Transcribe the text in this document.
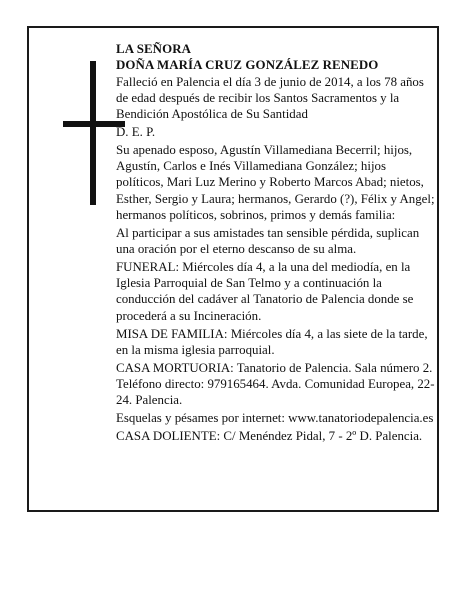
LA SEÑORA
DOÑA MARÍA CRUZ GONZÁLEZ RENEDO

Falleció en Palencia el día 3 de junio de 2014, a los 78 años de edad después de recibir los Santos Sacramentos y la Bendición Apostólica de Su Santidad

D. E. P.

Su apenado esposo, Agustín Villamediana Becerril; hijos, Agustín, Carlos e Inés Villamediana González; hijos políticos, Mari Luz Merino y Roberto Marcos Abad; nietos, Esther, Sergio y Laura; hermanos, Gerardo (?), Félix y Angel; hermanos políticos, sobrinos, primos y demás familia:

Al participar a sus amistades tan sensible pérdida, suplican una oración por el eterno descanso de su alma.

FUNERAL: Miércoles día 4, a la una del mediodía, en la Iglesia Parroquial de San Telmo y a continuación la conducción del cadáver al Tanatorio de Palencia donde se procederá a su Incineración.

MISA DE FAMILIA: Miércoles día 4, a las siete de la tarde, en la misma iglesia parroquial.

CASA MORTUORIA: Tanatorio de Palencia. Sala número 2. Teléfono directo: 979165464. Avda. Comunidad Europea, 22-24. Palencia.

Esquelas y pésames por internet: www.tanatoriodepalencia.es

CASA DOLIENTE: C/ Menéndez Pidal, 7 - 2º D. Palencia.
